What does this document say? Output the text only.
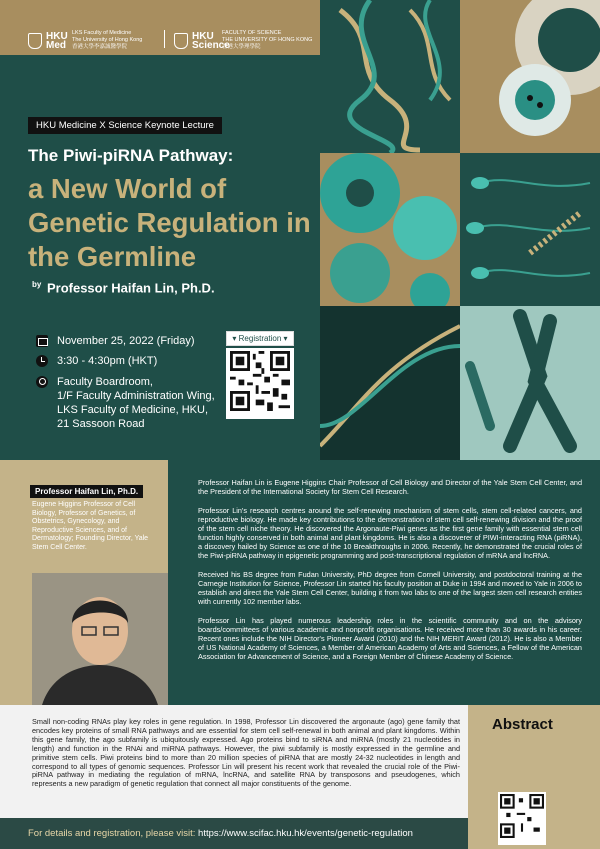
HKU Med
LKS Faculty of Medicine
The University of Hong Kong
香港大學李嘉誠醫學院
HKU Science
FACULTY OF SCIENCE
THE UNIVERSITY OF HONG KONG
香港大學理學院
HKU Medicine X Science Keynote Lecture
The Piwi-piRNA Pathway:
a New World of Genetic Regulation in the Germline
$^{by}$ Professor Haifan Lin, Ph.D.
November 25, 2022 (Friday)
3:30 - 4:30pm (HKT)
Faculty Boardroom,
1/F Faculty Administration Wing,
LKS Faculty of Medicine, HKU,
21 Sassoon Road
▾ Registration ▾
Professor Haifan Lin, Ph.D.
Eugene Higgins Professor of Cell Biology, Professor of Genetics, of Obstetrics, Gynecology, and Reproductive Sciences, and of Dermatology; Founding Director, Yale Stem Cell Center.

Professor Haifan Lin is Eugene Higgins Chair Professor of Cell Biology and Director of the Yale Stem Cell Center, and the President of the International Society for Stem Cell Research.

Professor Lin's research centres around the self-renewing mechanism of stem cells, stem cell-related cancers, and reproductive biology. He made key contributions to the demonstration of stem cell self-renewing division and the proof of the stem cell niche theory. He discovered the Argonaute-Piwi genes as the first gene family with essential stem cell function highly conserved in both animal and plant kingdoms. He is also a discoverer of PIWI-interacting RNA (piRNA), a discovery hailed by Science as one of the 10 Breakthroughs in 2006. Recently, he demonstrated the crucial roles of the Piwi-piRNA pathway in epigenetic programming and post-transcriptional regulation of mRNA and lncRNA.

Received his BS degree from Fudan University, PhD degree from Cornell University, and postdoctoral training at the Carnegie Institution for Science, Professor Lin started his faculty position at Duke in 1994 and moved to Yale in 2006 to establish and direct the Yale Stem Cell Center, building it from two labs to one of the largest stem cell research entities with currently 102 member labs.

Professor Lin has played numerous leadership roles in the scientific community and on the advisory boards/committees of various academic and nonprofit organisations. He received more than 30 awards in his career. Recent ones include the NIH Director's Pioneer Award (2010) and the NIH MERIT Award (2012). He is also a Member of US National Academy of Sciences, a Member of American Academy of Arts and Sciences, a Fellow of the American Association for Advancement of Science, and a Foreign Member of Chinese Academy of Science.

Small non-coding RNAs play key roles in gene regulation. In 1998, Professor Lin discovered the argonaute (ago) gene family that encodes key proteins of small RNA pathways and are essential for stem cell self-renewal in both animal and plant kingdoms. Within this gene family, the ago subfamily is ubiquitously expressed. Ago proteins bind to siRNA and miRNA (mostly 21 nucleotides in length) and function in the RNAi and miRNA pathways. However, the piwi subfamily is mostly expressed in the germline and primitive stem cells. Piwi proteins bind to more than 20 million species of piRNA that are mostly 24-32 nucleotides in length and correspond to all types of genomic sequences. Professor Lin will present his recent work that revealed the crucial role of the Piwi-piRNA pathway in mediating the regulation of mRNA, lncRNA, and satellite RNA by transposons and pseudogenes, which represents a new paradigm of genetic regulation that connect all major constituents of the genome.
Abstract
For details and registration, please visit: https://www.scifac.hku.hk/events/genetic-regulation
